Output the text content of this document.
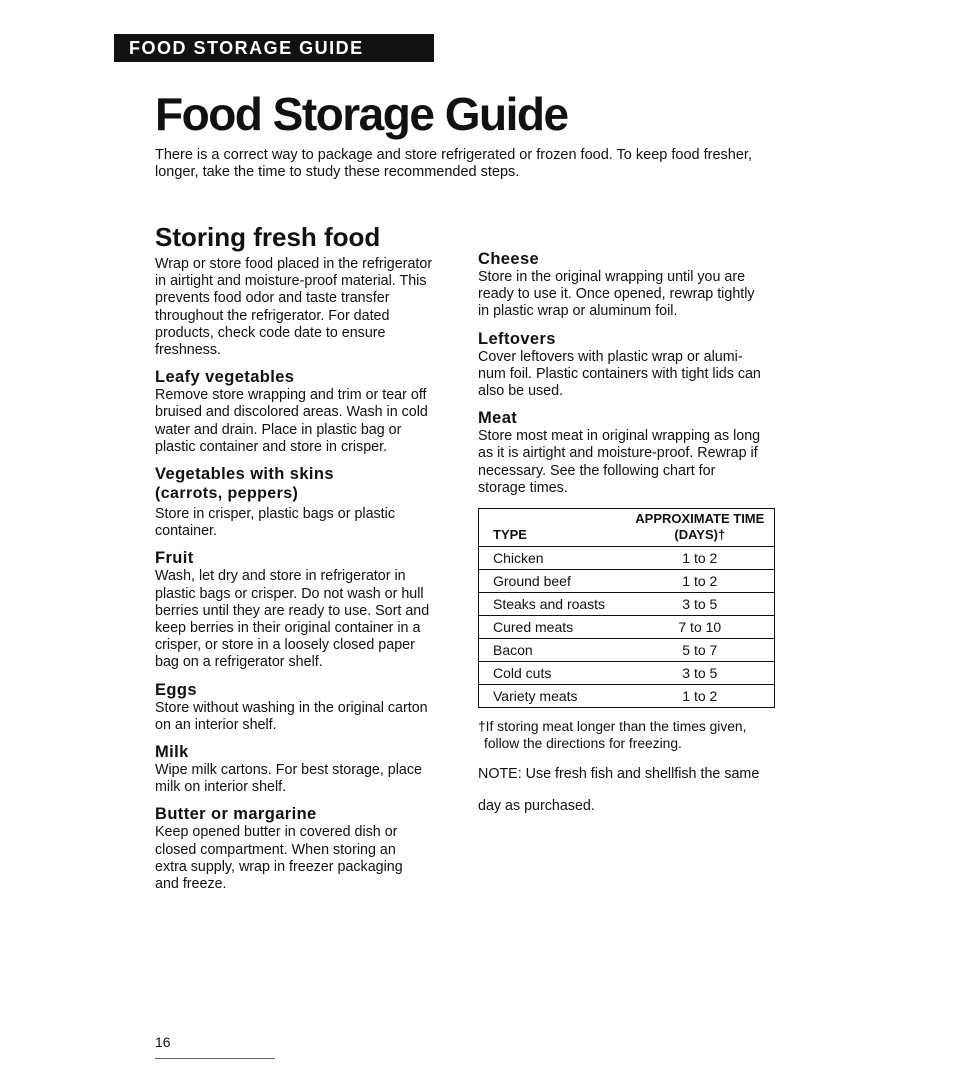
FOOD STORAGE GUIDE
Food Storage Guide

There is a correct way to package and store refrigerated or frozen food. To keep food fresher,

longer, take the time to study these recommended steps.

Storing fresh food

Wrap or store food placed in the refrigerator

in airtight and moisture-proof material. This

prevents food odor and taste transfer

throughout the refrigerator. For dated

products, check code date to ensure

freshness.

Leafy vegetables

Remove store wrapping and trim or tear off

bruised and discolored areas. Wash in cold

water and drain. Place in plastic bag or

plastic container and store in crisper.

Vegetables with skins
(carrots, peppers)

Store in crisper, plastic bags or plastic

container.

Fruit

Wash, let dry and store in refrigerator in

plastic bags or crisper. Do not wash or hull

berries until they are ready to use. Sort and

keep berries in their original container in a

crisper, or store in a loosely closed paper

bag on a refrigerator shelf.

Eggs

Store without washing in the original carton

on an interior shelf.

Milk

Wipe milk cartons. For best storage, place

milk on interior shelf.

Butter or margarine

Keep opened butter in covered dish or

closed compartment. When storing an

extra supply, wrap in freezer packaging

and freeze.

Cheese

Store in the original wrapping until you are

ready to use it. Once opened, rewrap tightly

in plastic wrap or aluminum foil.

Leftovers

Cover leftovers with plastic wrap or alumi-

num foil. Plastic containers with tight lids can

also be used.

Meat

Store most meat in original wrapping as long

as it is airtight and moisture-proof. Rewrap if

necessary. See the following chart for

storage times.

TYPE	APPROXIMATE TIME
(DAYS)†

Chicken	1 to 2
Ground beef	1 to 2
Steaks and roasts	3 to 5
Cured meats	7 to 10
Bacon	5 to 7
Cold cuts	3 to 5
Variety meats	1 to 2

†If storing meat longer than the times given,

follow the directions for freezing.

NOTE: Use fresh fish and shellfish the same

day as purchased.

16
